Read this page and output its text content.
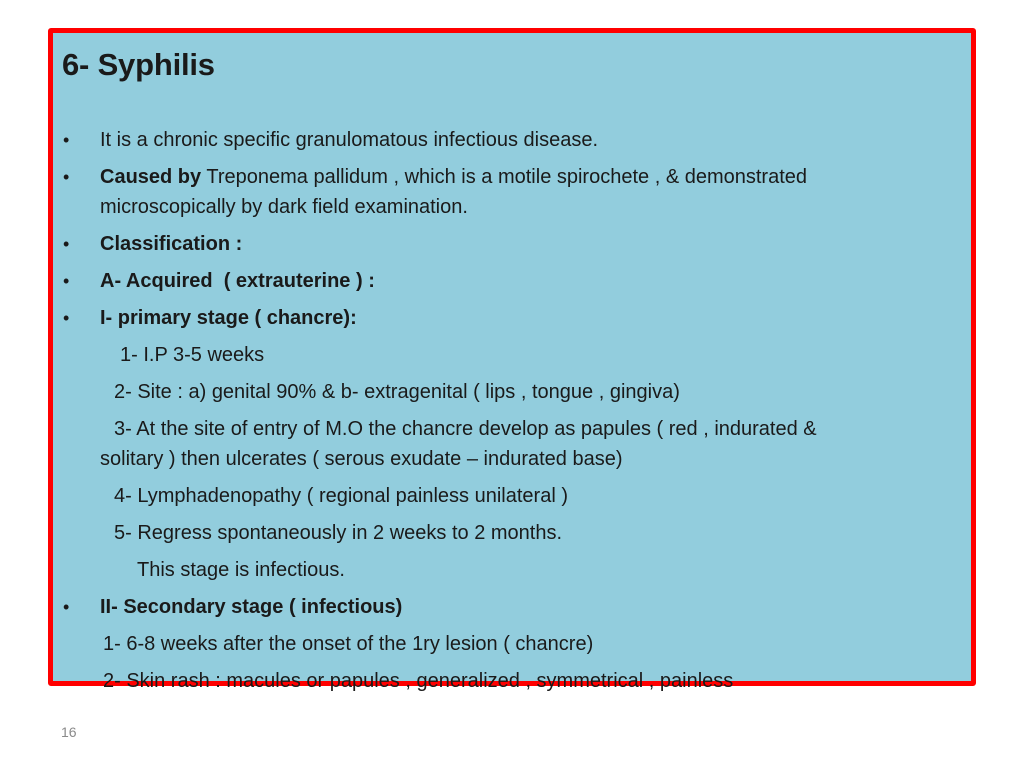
6- Syphilis
• It is a chronic specific granulomatous infectious disease.
• Caused by Treponema pallidum , which is a motile spirochete , & demonstrated
microscopically by dark field examination.
• Classification :
• A- Acquired  ( extrauterine ) :
• I- primary stage ( chancre):
1- I.P 3-5 weeks
2- Site : a) genital 90% & b- extragenital ( lips , tongue , gingiva)
3- At the site of entry of M.O the chancre develop as papules ( red , indurated &
solitary ) then ulcerates ( serous exudate – indurated base)
4- Lymphadenopathy ( regional painless unilateral )
5- Regress spontaneously in 2 weeks to 2 months.
This stage is infectious.
• II- Secondary stage ( infectious)
1- 6-8 weeks after the onset of the 1ry lesion ( chancre)
2- Skin rash : macules or papules , generalized , symmetrical , painless
16
